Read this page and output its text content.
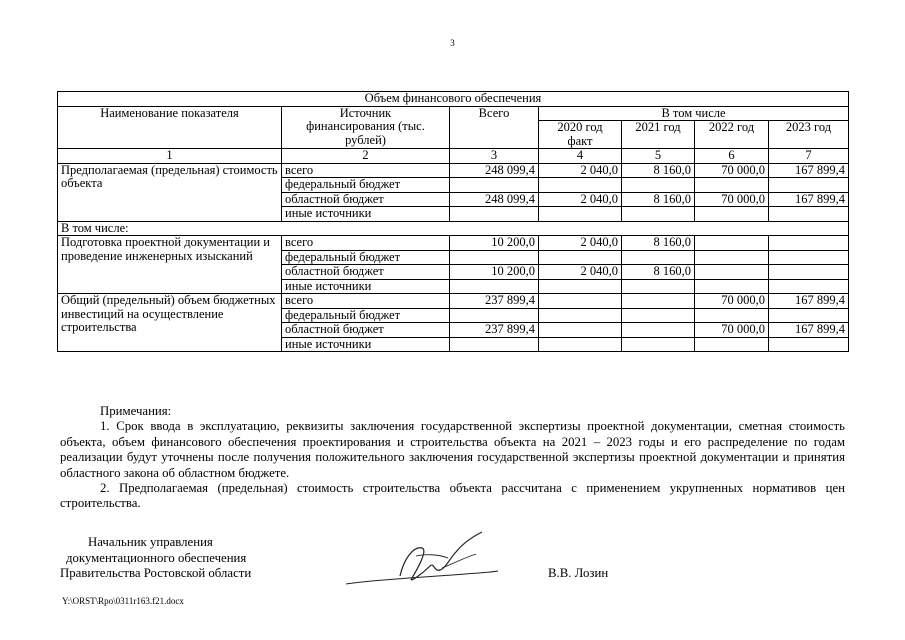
3
Объем финансового обеспечения						
Наименование показателя	Источник финансирования (тыс. рублей)	Всего	В том числе			

			2020 год факт	2021 год	2022 год	2023 год
1	2	3	4	5	6	7
Предполагаемая (предельная) стоимость объекта	всего	248 099,4	2 040,0	8 160,0	70 000,0	167 899,4
	федеральный бюджет					
	областной бюджет	248 099,4	2 040,0	8 160,0	70 000,0	167 899,4
	иные источники					
В том числе:						
Подготовка проектной документации и проведение инженерных изысканий	всего	10 200,0	2 040,0	8 160,0		
	федеральный бюджет					
	областной бюджет	10 200,0	2 040,0	8 160,0		
	иные источники					
Общий (предельный) объем бюджетных инвестиций на осуществление строительства	всего	237 899,4			70 000,0	167 899,4
	федеральный бюджет					
	областной бюджет	237 899,4			70 000,0	167 899,4
	иные источники					

Примечания:

1. Срок ввода в эксплуатацию, реквизиты заключения государственной экспертизы проектной документации, сметная стоимость объекта, объем финансового обеспечения проектирования и строительства объекта на 2021 – 2023 годы и его распределение по годам реализации будут уточнены после получения положительного заключения государственной экспертизы проектной документации и принятия областного закона об областном бюджете.

2. Предполагаемая (предельная) стоимость строительства объекта рассчитана с применением укрупненных нормативов цен строительства.

Начальник управления
документационного обеспечения
Правительства Ростовской области	В.В. Лозин
Y:\ORST\Rpo\0311r163.f21.docx
